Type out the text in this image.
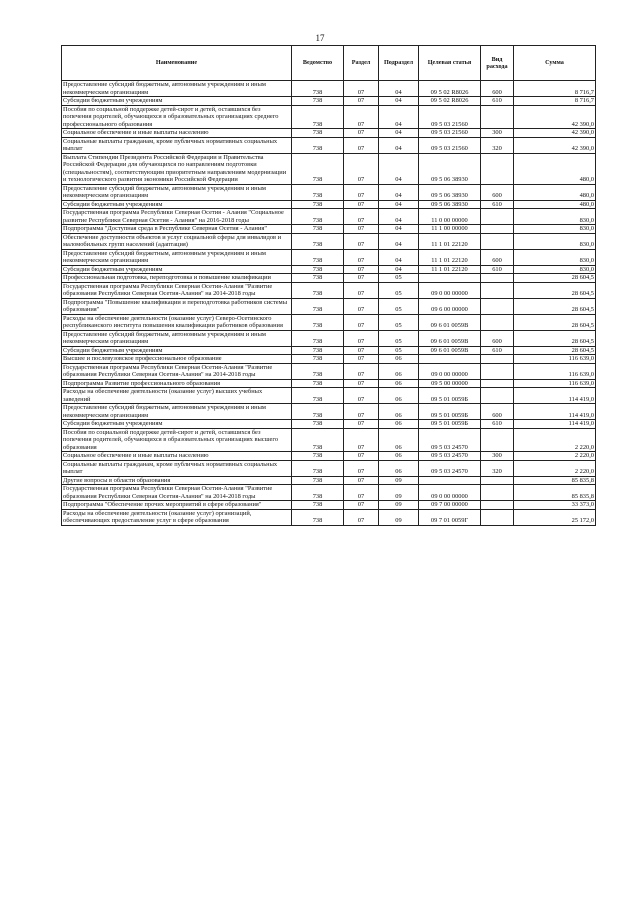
17
Наименование	Ведомство	Раздел	Подраздел	Целевая статья	Вид расхода	Сумма
Предоставление субсидий бюджетным, автономным учреждениям и иным некоммерческим организациям	738	07	04	09 5 02 R8026	600	8 716,7
Субсидии бюджетным учреждениям	738	07	04	09 5 02 R8026	610	8 716,7
Пособия по социальной поддержке детей-сирот и детей, оставшихся без попечения родителей, обучающихся в образовательных организациях среднего профессионального образования	738	07	04	09 5 03 21560		42 390,0
Социальное обеспечение и иные выплаты населению	738	07	04	09 5 03 21560	300	42 390,0
Социальные выплаты гражданам, кроме публичных нормативных социальных выплат	738	07	04	09 5 03 21560	320	42 390,0
Выплата Стипендии Президента Российской Федерации и Правительства Российской Федерации для обучающихся по направлениям подготовки (специальностям), соответствующим приоритетным направлениям модернизации и технологического развития экономики Российской Федерации	738	07	04	09 5 06 38930		480,0
Предоставление субсидий бюджетным, автономным учреждениям и иным некоммерческим организациям	738	07	04	09 5 06 38930	600	480,0
Субсидии бюджетным учреждениям	738	07	04	09 5 06 38930	610	480,0
Государственная программа Республики Северная Осетия - Алания "Социальное развитие Республики Северная Осетия - Алания" на 2016-2018 годы	738	07	04	11 0 00 00000		830,0
Подпрограмма "Доступная среда в Республике Северная Осетия - Алания"	738	07	04	11 1 00 00000		830,0
Обеспечение доступности объектов и услуг социальной сферы для инвалидов и маломобильных групп населений (адаптация)	738	07	04	11 1 01 22120		830,0
Предоставление субсидий бюджетным, автономным учреждениям и иным некоммерческим организациям	738	07	04	11 1 01 22120	600	830,0
Субсидии бюджетным учреждениям	738	07	04	11 1 01 22120	610	830,0
Профессиональная подготовка, переподготовка и повышение квалификации	738	07	05			28 604,5
Государственная программа Республики Северная Осетия-Алания "Развитие образования Республики Северная Осетия-Алания" на 2014-2018 годы	738	07	05	09 0 00 00000		28 604,5
Подпрограмма "Повышение квалификации и переподготовка работников системы образования"	738	07	05	09 6 00 00000		28 604,5
Расходы на обеспечение деятельности (оказание услуг) Северо-Осетинского республиканского института повышения квалификации работников образования	738	07	05	09 6 01 0059В		28 604,5
Предоставление субсидий бюджетным, автономным учреждениям и иным некоммерческим организациям	738	07	05	09 6 01 0059В	600	28 604,5
Субсидии бюджетным учреждениям	738	07	05	09 6 01 0059В	610	28 604,5
Высшее и послевузовское профессиональное образование	738	07	06			116 639,0
Государственная программа Республики Северная Осетия-Алания "Развитие образования Республики Северная Осетия-Алания" на 2014-2018 годы	738	07	06	09 0 00 00000		116 639,0
Подпрограмма Развитие профессионального образования	738	07	06	09 5 00 00000		116 639,0
Расходы на обеспечение деятельности (оказание услуг) высших учебных заведений	738	07	06	09 5 01 0059Б		114 419,0
Предоставление субсидий бюджетным, автономным учреждениям и иным некоммерческим организациям	738	07	06	09 5 01 0059Б	600	114 419,0
Субсидии бюджетным учреждениям	738	07	06	09 5 01 0059Б	610	114 419,0
Пособия по социальной поддержке детей-сирот и детей, оставшихся без попечения родителей, обучающихся в образовательных организациях высшего образования	738	07	06	09 5 03 24570		2 220,0
Социальное обеспечение и иные выплаты населению	738	07	06	09 5 03 24570	300	2 220,0
Социальные выплаты гражданам, кроме публичных нормативных социальных выплат	738	07	06	09 5 03 24570	320	2 220,0
Другие вопросы в области образования	738	07	09			85 835,8
Государственная программа Республики Северная Осетия-Алания "Развитие образования Республики Северная Осетия-Алания" на 2014-2018 годы	738	07	09	09 0 00 00000		85 835,8
Подпрограмма "Обеспечение прочих мероприятий в сфере образования"	738	07	09	09 7 00 00000		33 373,0
Расходы на обеспечение деятельности (оказание услуг) организаций, обеспечивающих предоставление услуг в сфере образования	738	07	09	09 7 01 0059Г		25 172,0
